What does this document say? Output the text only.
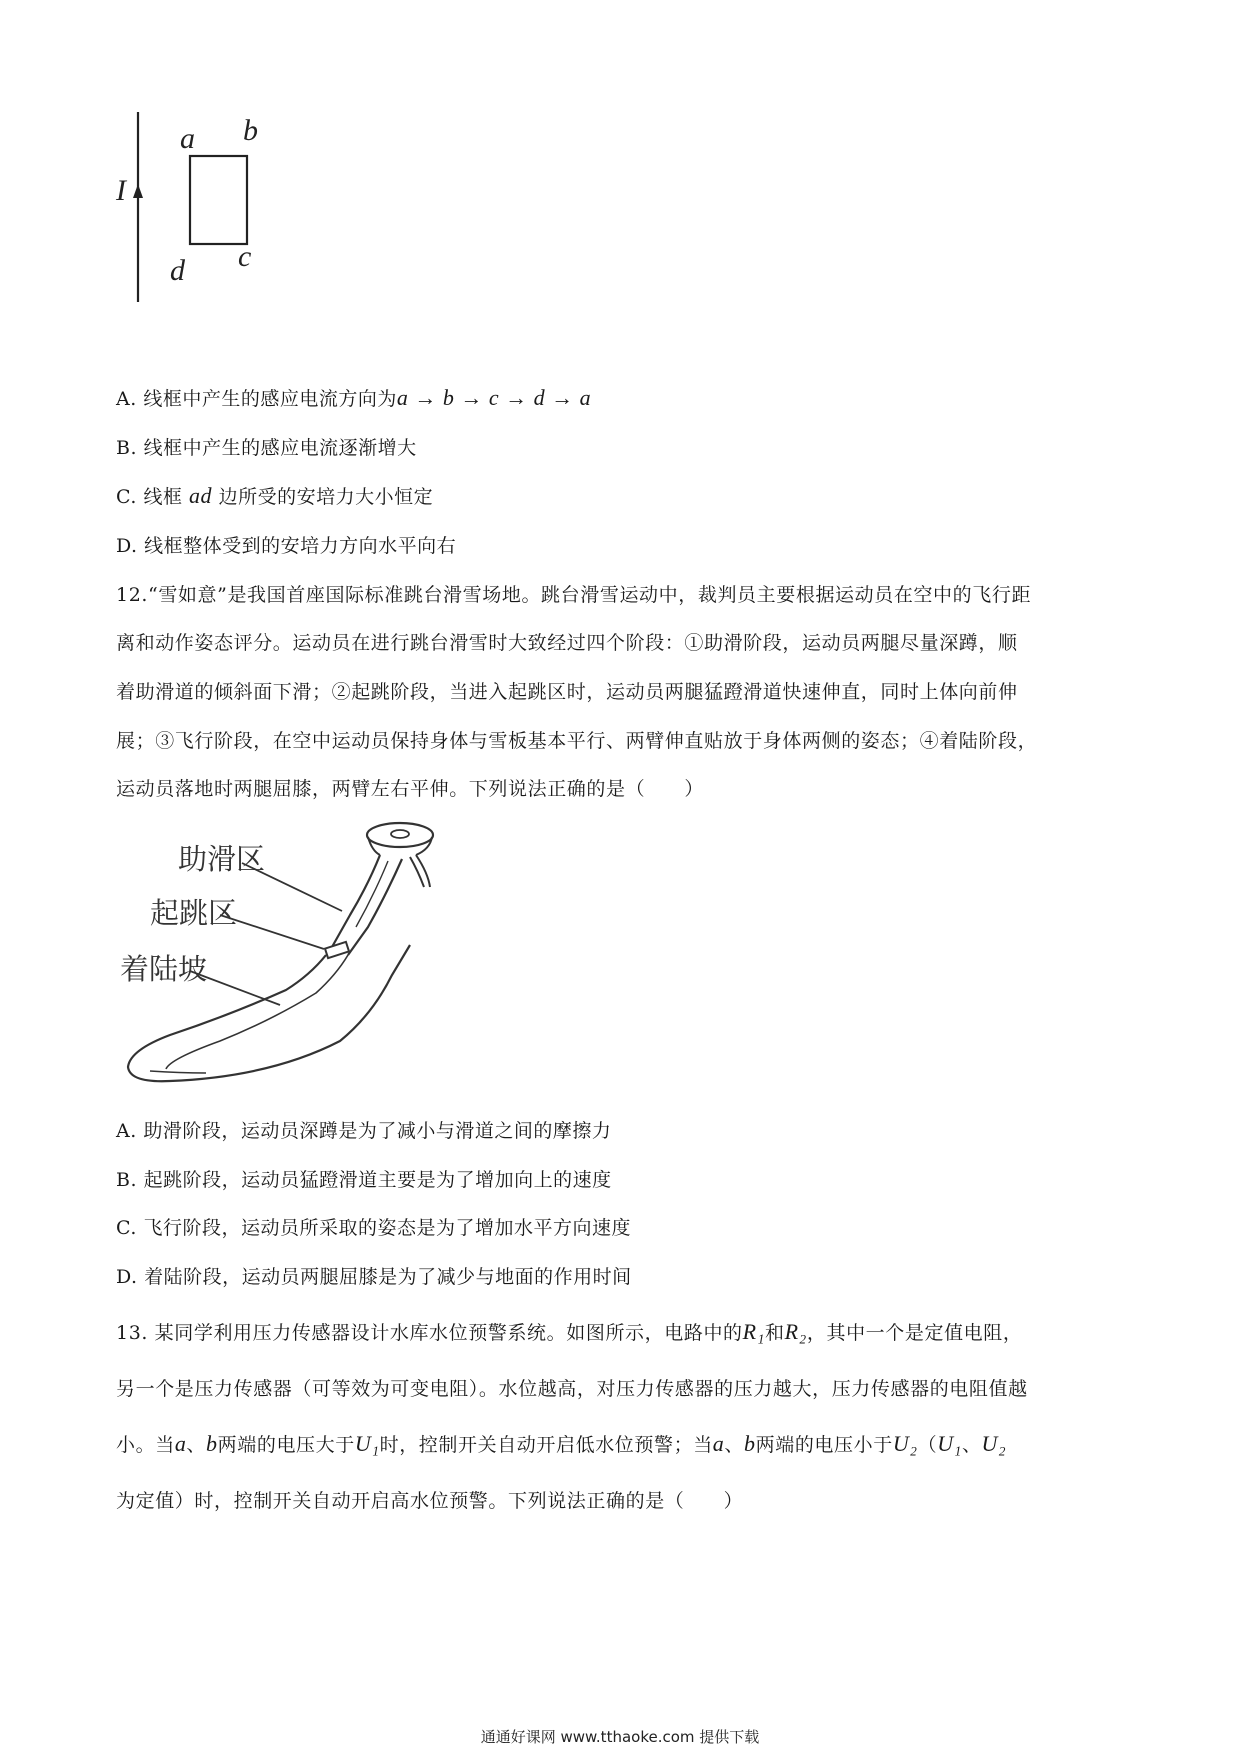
I
a b
c
d
A. 线框中产生的感应电流方向为a → b → c → d → a
B. 线框中产生的感应电流逐渐增大
C. 线框 ad 边所受的安培力大小恒定
D. 线框整体受到的安培力方向水平向右
12.“雪如意”是我国首座国际标准跳台滑雪场地。跳台滑雪运动中，裁判员主要根据运动员在空中的飞行距
离和动作姿态评分。运动员在进行跳台滑雪时大致经过四个阶段：①助滑阶段，运动员两腿尽量深蹲，顺
着助滑道的倾斜面下滑；②起跳阶段，当进入起跳区时，运动员两腿猛蹬滑道快速伸直，同时上体向前伸
展；③飞行阶段，在空中运动员保持身体与雪板基本平行、两臂伸直贴放于身体两侧的姿态；④着陆阶段，
运动员落地时两腿屈膝，两臂左右平伸。下列说法正确的是（　　）
助滑区
起跳区
着陆坡
A. 助滑阶段，运动员深蹲是为了减小与滑道之间的摩擦力
B. 起跳阶段，运动员猛蹬滑道主要是为了增加向上的速度
C. 飞行阶段，运动员所采取的姿态是为了增加水平方向速度
D. 着陆阶段，运动员两腿屈膝是为了减少与地面的作用时间
13. 某同学利用压力传感器设计水库水位预警系统。如图所示，电路中的R₁和R₂，其中一个是定值电阻，
另一个是压力传感器（可等效为可变电阻）。水位越高，对压力传感器的压力越大，压力传感器的电阻值越
小。当a、b两端的电压大于U₁时，控制开关自动开启低水位预警；当a、b两端的电压小于U₂（U₁、U₂
为定值）时，控制开关自动开启高水位预警。下列说法正确的是（　　）
通通好课网 www.tthaoke.com 提供下载
